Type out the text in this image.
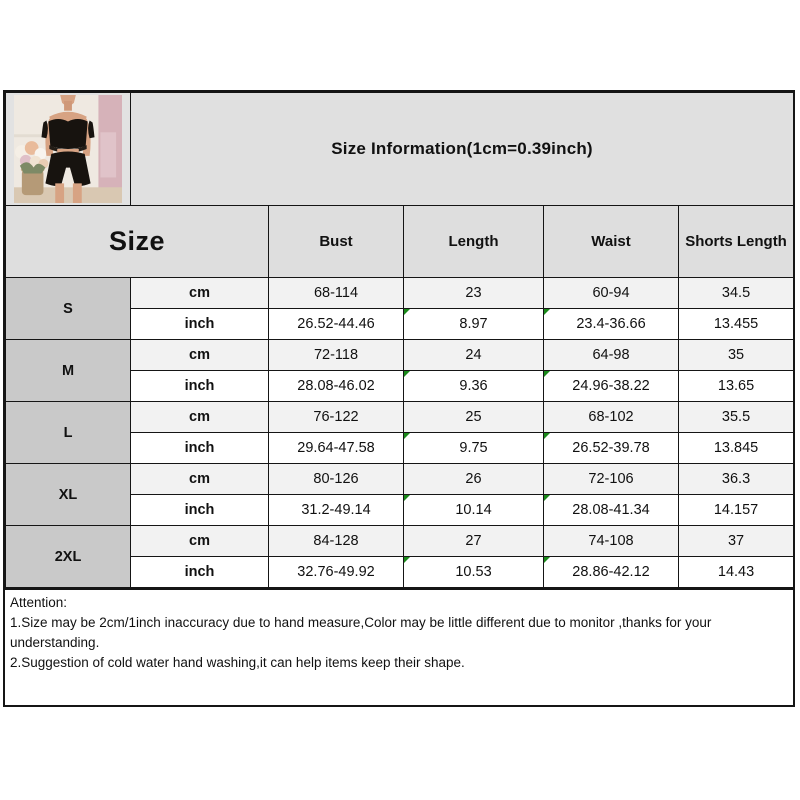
	Size Information(1cm=0.39inch)				
Size		Bust	Length	Waist	Shorts Length
S	cm	68-114	23	60-94	34.5
	inch	26.52-44.46	8.97	23.4-36.66	13.455
M	cm	72-118	24	64-98	35
	inch	28.08-46.02	9.36	24.96-38.22	13.65
L	cm	76-122	25	68-102	35.5
	inch	29.64-47.58	9.75	26.52-39.78	13.845
XL	cm	80-126	26	72-106	36.3
	inch	31.2-49.14	10.14	28.08-41.34	14.157
2XL	cm	84-128	27	74-108	37
	inch	32.76-49.92	10.53	28.86-42.12	14.43
Attention:
1.Size may be 2cm/1inch inaccuracy due to hand measure,Color may be little different due to monitor ,thanks for your understanding.
2.Suggestion of cold water hand washing,it can help items keep their shape.
